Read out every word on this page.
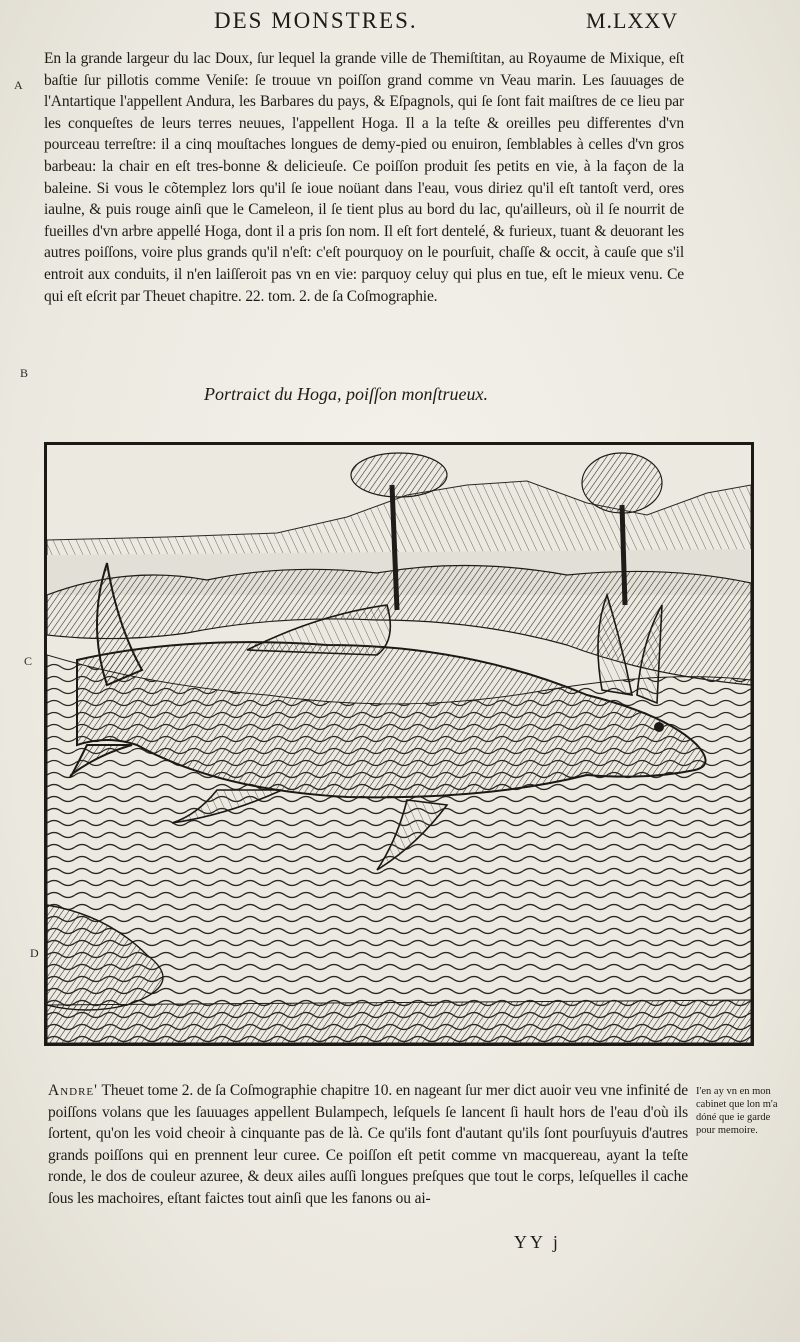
DES MONSTRES.	M.LXXV
A
B
C
D

En la grande largeur du lac Doux, ſur lequel la grande ville de Themiſtitan, au Royaume de Mixique, eſt baſtie ſur pillotis comme Veniſe: ſe trouue vn poiſſon grand comme vn Veau marin. Les ſauuages de l'Antartique l'appellent Andura, les Barbares du pays, & Eſpagnols, qui ſe ſont fait maiſtres de ce lieu par les conqueſtes de leurs terres neuues, l'appellent Hoga. Il a la teſte & oreilles peu differentes d'vn pourceau terreſtre: il a cinq mouſtaches longues de demy-pied ou enuiron, ſemblables à celles d'vn gros barbeau: la chair en eſt tres-bonne & delicieuſe. Ce poiſſon produit ſes petits en vie, à la façon de la baleine. Si vous le cõtemplez lors qu'il ſe ioue noüant dans l'eau, vous diriez qu'il eſt tantoſt verd, ores iaulne, & puis rouge ainſi que le Cameleon, il ſe tient plus au bord du lac, qu'ailleurs, où il ſe nourrit de fueilles d'vn arbre appellé Hoga, dont il a pris ſon nom. Il eſt fort dentelé, & furieux, tuant & deuorant les autres poiſſons, voire plus grands qu'il n'eſt: c'eſt pourquoy on le pourſuit, chaſſe & occit, à cauſe que s'il entroit aux conduits, il n'en laiſſeroit pas vn en vie: parquoy celuy qui plus en tue, eſt le mieux venu. Ce qui eſt eſcrit par Theuet chapitre. 22. tom. 2. de ſa Coſmographie.

Portraict du Hoga, poiſſon monſtrueux.

Andre' Theuet tome 2. de ſa Coſmographie chapitre 10. en nageant ſur mer dict auoir veu vne infinité de poiſſons volans que les ſauuages appellent Bulampech, leſquels ſe lancent ſi hault hors de l'eau d'où ils ſortent, qu'on les void cheoir à cinquante pas de là. Ce qu'ils font d'autant qu'ils ſont pourſuyuis d'autres grands poiſſons qui en prennent leur curee. Ce poiſſon eſt petit comme vn macquereau, ayant la teſte ronde, le dos de couleur azuree, & deux ailes auſſi longues preſques que tout le corps, leſquelles il cache ſous les machoires, eſtant faictes tout ainſi que les fanons ou ai-

I'en ay vn en mon cabinet que lon m'a dóné que ie garde pour memoire.
YY j
